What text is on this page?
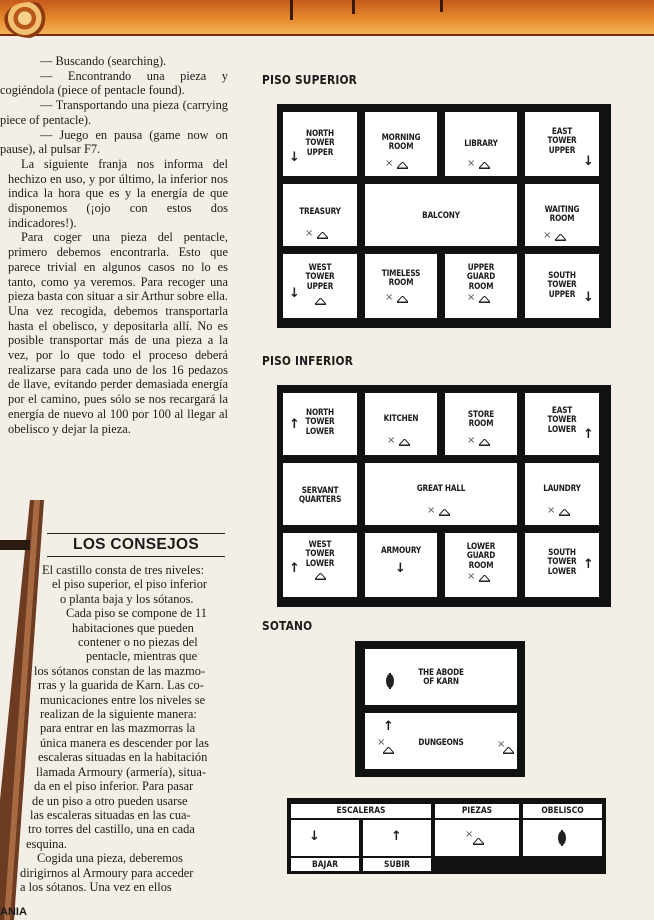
— Buscando (searching).

— Encontrando una pieza y cogiéndola (piece of pentacle found).

— Transportando una pieza (carrying piece of pentacle).

— Juego en pausa (game now on pause), al pulsar F7.

La siguiente franja nos informa del hechizo en uso, y por último, la inferior nos indica la hora que es y la energía de que disponemos (¡ojo con estos dos indicadores!).

Para coger una pieza del pentacle, primero debemos encontrarla. Esto que parece trivial en algunos casos no lo es tanto, como ya veremos. Para recoger una pieza basta con situar a sir Arthur sobre ella. Una vez recogida, debemos transportarla hasta el obelisco, y depositarla allí. No es posible transportar más de una pieza a la vez, por lo que todo el proceso deberá realizarse para cada uno de los 16 pedazos de llave, evitando perder demasiada energía por el camino, pues sólo se nos recargará la energía de nuevo al 100 por 100 al llegar al obelisco y dejar la pieza.

LOS CONSEJOS
El castillo consta de tres niveles:
el piso superior, el piso inferior
o planta baja y los sótanos.
Cada piso se compone de 11
habitaciones que pueden
contener o no piezas del
pentacle, mientras que
los sótanos constan de las mazmo-
rras y la guarida de Karn. Las co-
municaciones entre los niveles se
realizan de la siguiente manera:
para entrar en las mazmorras la
única manera es descender por las
escaleras situadas en la habitación
llamada Armoury (armería), situa-
da en el piso inferior. Para pasar
de un piso a otro pueden usarse
las escaleras situadas en las cua-
tro torres del castillo, una en cada
esquina.
Cogida una pieza, deberemos
dirigirnos al Armoury para acceder
a los sótanos. Una vez en ellos
ANIA
PISO SUPERIOR
NORTH
TOWER
UPPER
↓
MORNING
ROOM
×
LIBRARY
×
EAST
TOWER
UPPER
↓
TREASURY
×
BALCONY
WAITING
ROOM
×
WEST
TOWER
UPPER
↓
TIMELESS
ROOM
×
UPPER
GUARD
ROOM
×
SOUTH
TOWER
UPPER ↓
PISO INFERIOR
NORTH
TOWER
LOWER
↑	KITCHEN
×
STORE
ROOM
×
EAST
TOWER
LOWER ↑
SERVANT
QUARTERS
GREAT HALL
×
LAUNDRY
×
WEST
TOWER
LOWER
↑
ARMOURY
↓
LOWER
GUARD
ROOM
×
SOUTH
TOWER
LOWER ↑
SOTANO
THE ABODE
OF KARN
DUNGEONS
↑
×	×
ESCALERAS	PIEZAS	OBELISCO
↓	↑	×
BAJAR	SUBIR
